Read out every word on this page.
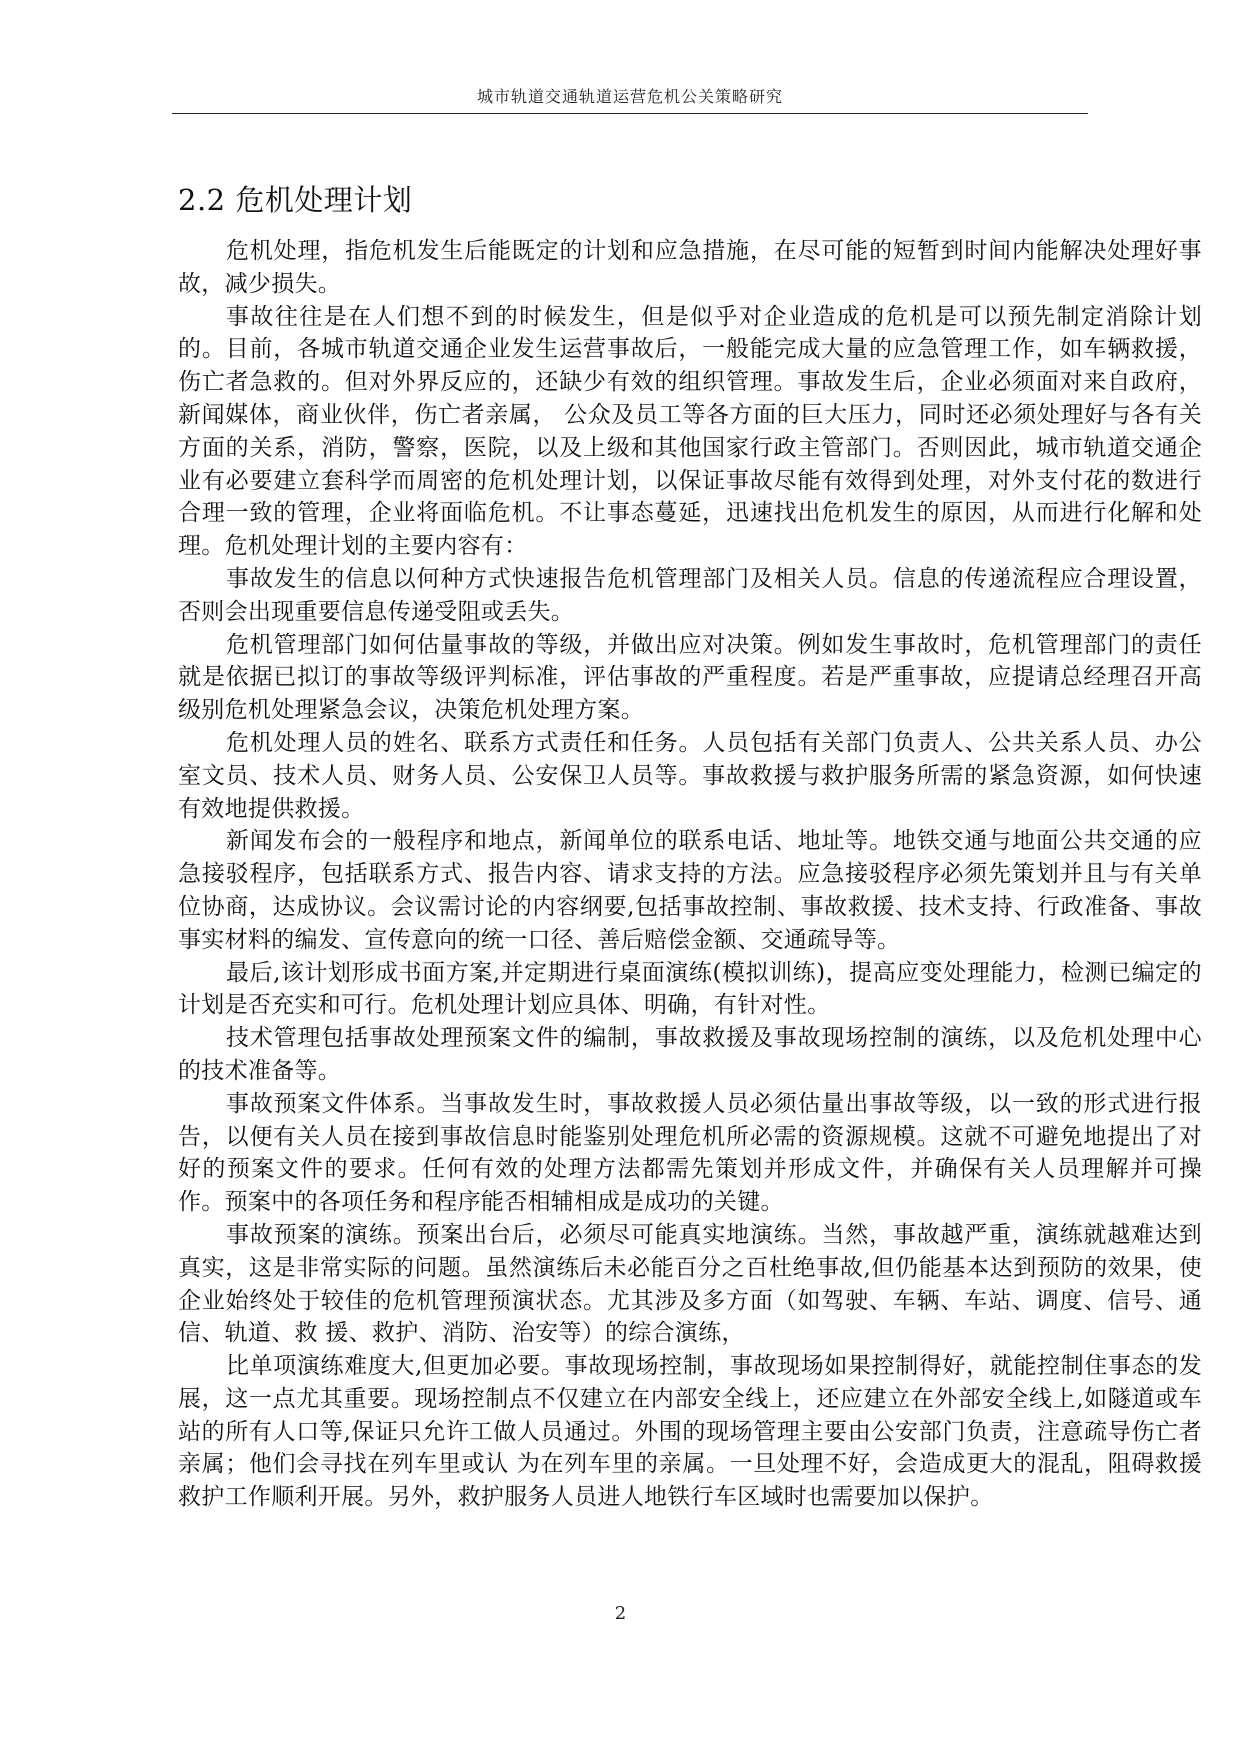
城市轨道交通轨道运营危机公关策略研究
2.2 危机处理计划

危机处理，指危机发生后能既定的计划和应急措施，在尽可能的短暂到时间内能解决处理好事故，减少损失。

事故往往是在人们想不到的时候发生，但是似乎对企业造成的危机是可以预先制定消除计划的。目前，各城市轨道交通企业发生运营事故后，一般能完成大量的应急管理工作，如车辆救援，伤亡者急救的。但对外界反应的，还缺少有效的组织管理。事故发生后，企业必须面对来自政府，新闻媒体，商业伙伴，伤亡者亲属， 公众及员工等各方面的巨大压力，同时还必须处理好与各有关方面的关系，消防，警察，医院，以及上级和其他国家行政主管部门。否则因此，城市轨道交通企业有必要建立套科学而周密的危机处理计划，以保证事故尽能有效得到处理，对外支付花的数进行合理一致的管理，企业将面临危机。不让事态蔓延，迅速找出危机发生的原因，从而进行化解和处理。危机处理计划的主要内容有：

事故发生的信息以何种方式快速报告危机管理部门及相关人员。信息的传递流程应合理设置，否则会出现重要信息传递受阻或丢失。

危机管理部门如何估量事故的等级，并做出应对决策。例如发生事故时，危机管理部门的责任就是依据已拟订的事故等级评判标准，评估事故的严重程度。若是严重事故，应提请总经理召开高级别危机处理紧急会议，决策危机处理方案。

危机处理人员的姓名、联系方式责任和任务。人员包括有关部门负责人、公共关系人员、办公室文员、技术人员、财务人员、公安保卫人员等。事故救援与救护服务所需的紧急资源，如何快速有效地提供救援。

新闻发布会的一般程序和地点，新闻单位的联系电话、地址等。地铁交通与地面公共交通的应急接驳程序，包括联系方式、报告内容、请求支持的方法。应急接驳程序必须先策划并且与有关单位协商，达成协议。会议需讨论的内容纲要,包括事故控制、事故救援、技术支持、行政准备、事故事实材料的编发、宣传意向的统一口径、善后赔偿金额、交通疏导等。

最后,该计划形成书面方案,并定期进行桌面演练(模拟训练)，提高应变处理能力，检测已编定的计划是否充实和可行。危机处理计划应具体、明确，有针对性。

技术管理包括事故处理预案文件的编制，事故救援及事故现场控制的演练，以及危机处理中心的技术准备等。

事故预案文件体系。当事故发生时，事故救援人员必须估量出事故等级，以一致的形式进行报告，以便有关人员在接到事故信息时能鉴别处理危机所必需的资源规模。这就不可避免地提出了对好的预案文件的要求。任何有效的处理方法都需先策划并形成文件，并确保有关人员理解并可操作。预案中的各项任务和程序能否相辅相成是成功的关键。

事故预案的演练。预案出台后，必须尽可能真实地演练。当然，事故越严重，演练就越难达到真实，这是非常实际的问题。虽然演练后未必能百分之百杜绝事故,但仍能基本达到预防的效果，使企业始终处于较佳的危机管理预演状态。尤其涉及多方面（如驾驶、车辆、车站、调度、信号、通信、轨道、救 援、救护、消防、治安等）的综合演练，

比单项演练难度大,但更加必要。事故现场控制，事故现场如果控制得好，就能控制住事态的发展，这一点尤其重要。现场控制点不仅建立在内部安全线上，还应建立在外部安全线上,如隧道或车站的所有人口等,保证只允许工做人员通过。外围的现场管理主要由公安部门负责，注意疏导伤亡者亲属；他们会寻找在列车里或认 为在列车里的亲属。一旦处理不好，会造成更大的混乱，阻碍救援救护工作顺利开展。另外，救护服务人员进人地铁行车区域时也需要加以保护。

2
